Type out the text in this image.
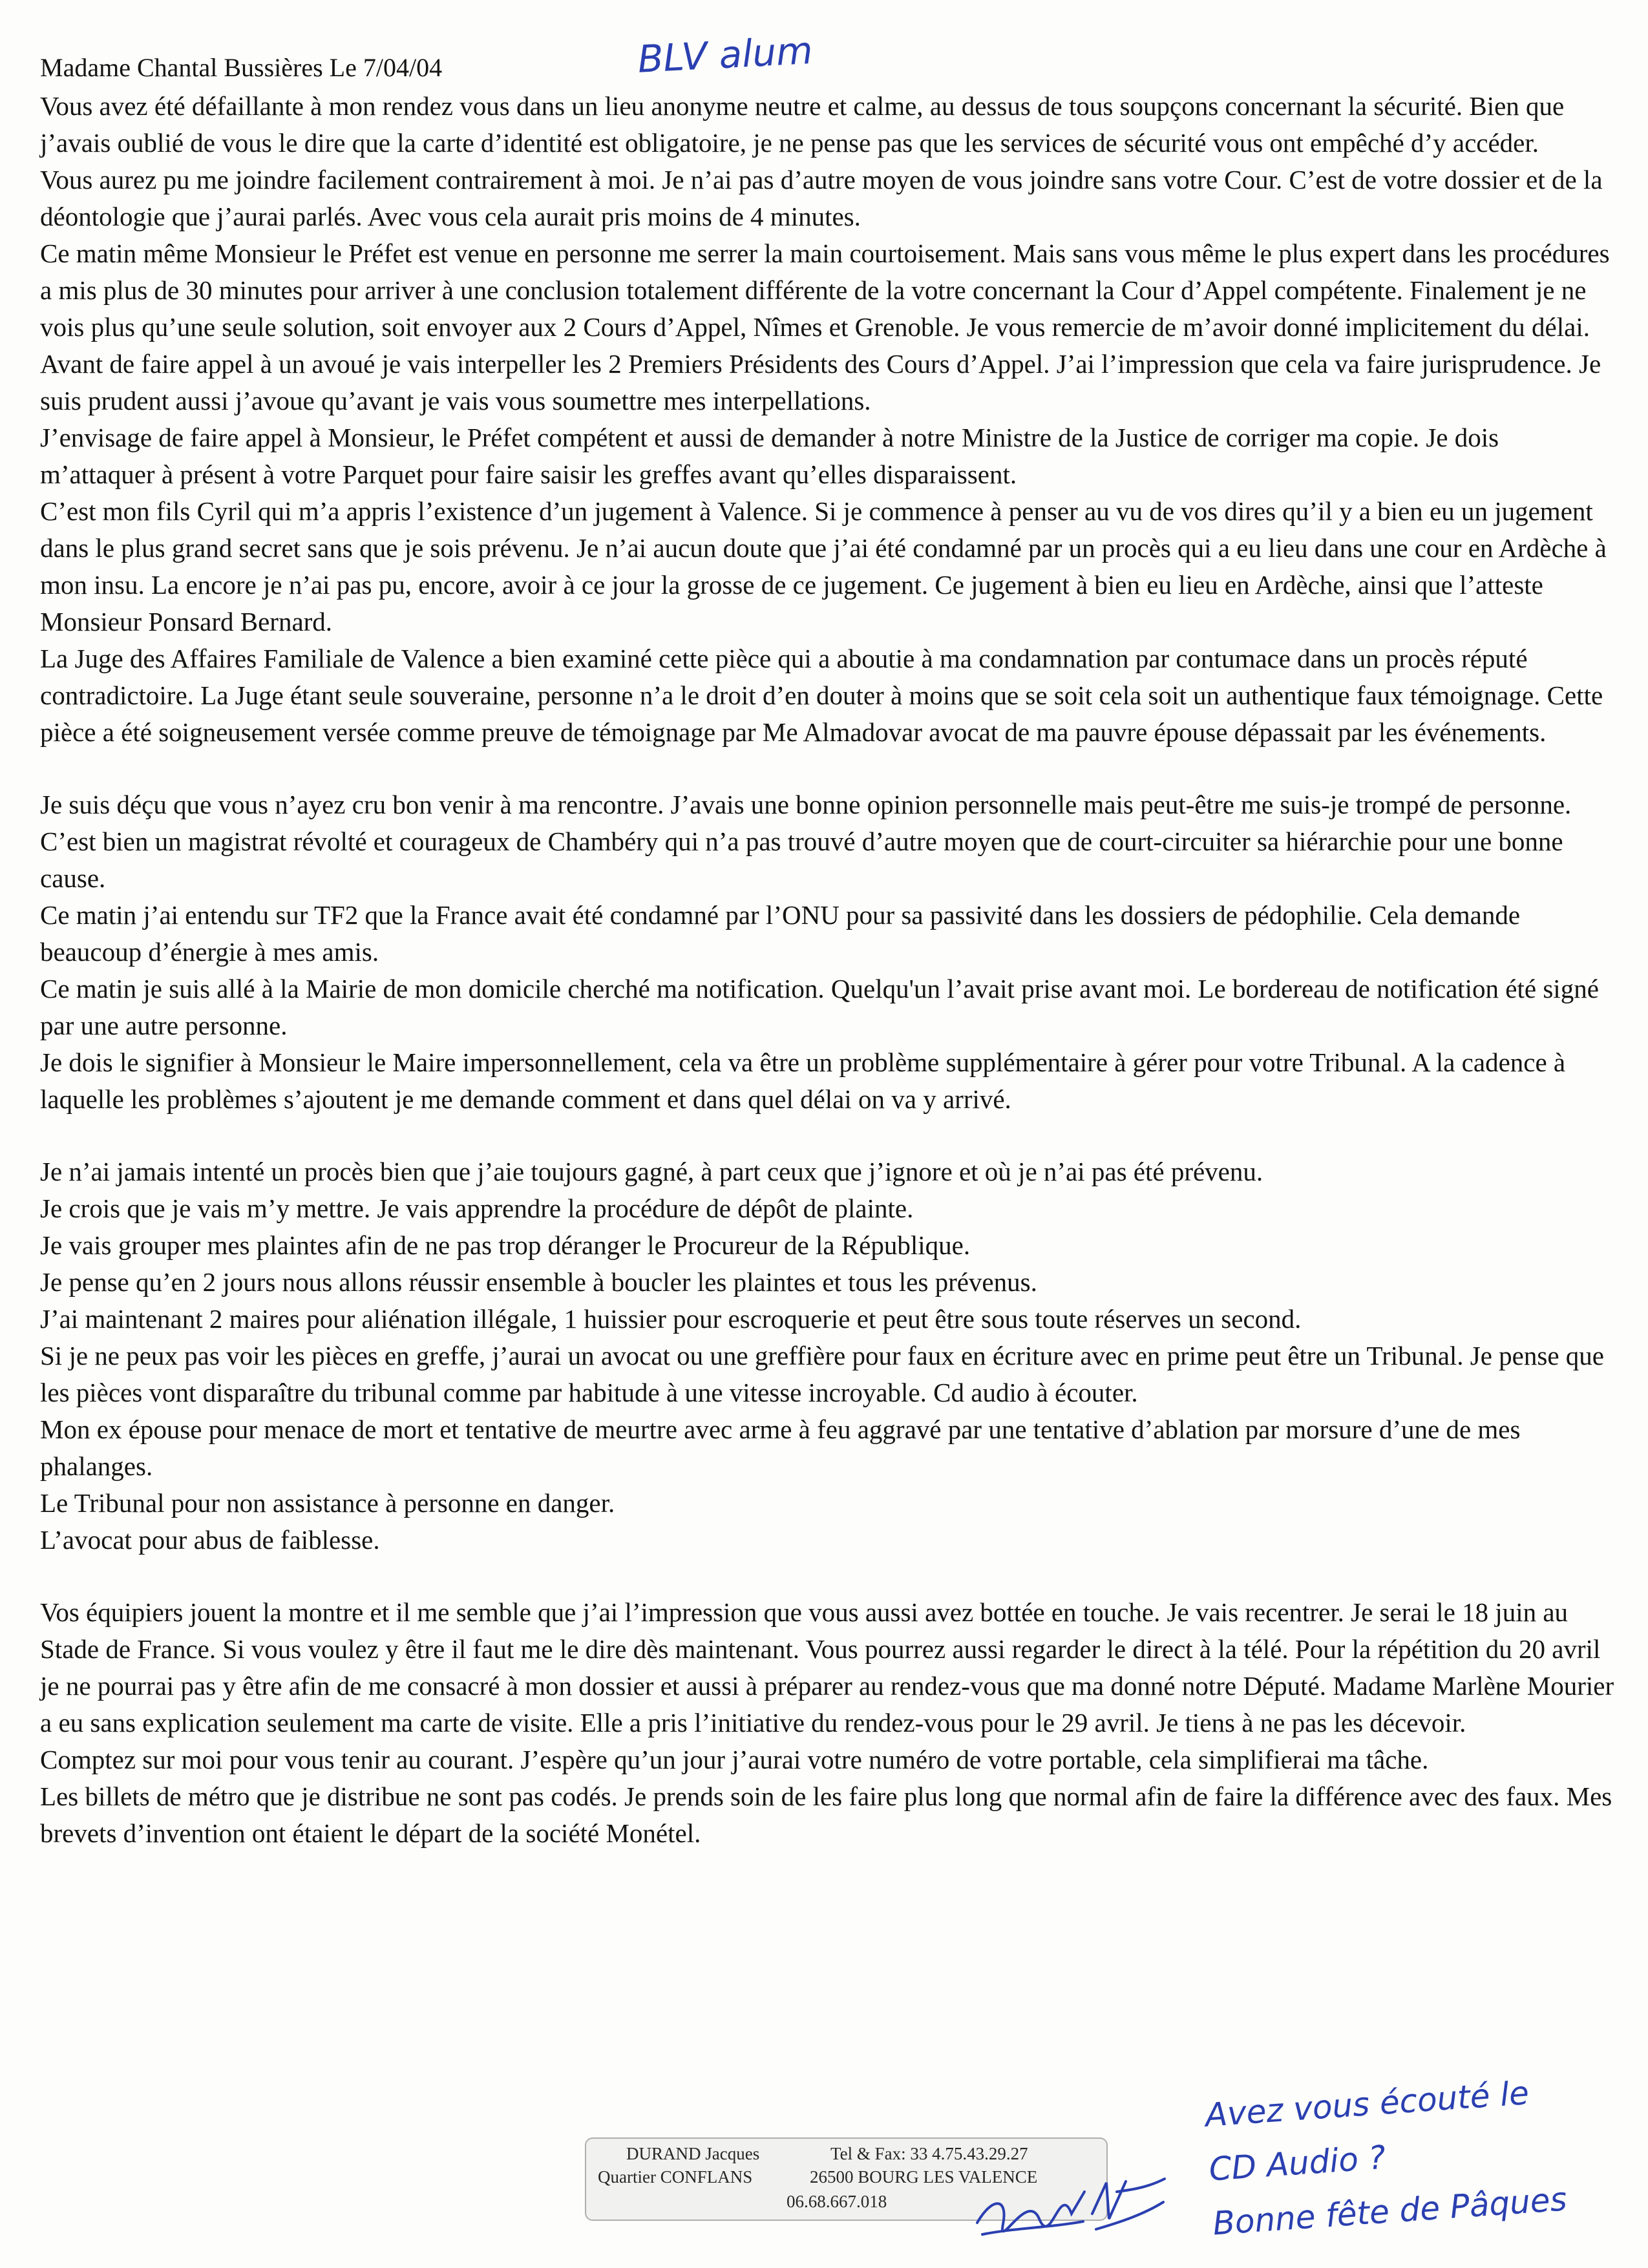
Madame Chantal Bussières Le 7/04/04	BLV alum

Vous avez été défaillante à mon rendez vous dans un lieu anonyme neutre et calme, au dessus de tous soupçons concernant la sécurité. Bien que j’avais oublié de vous le dire que la carte d’identité est obligatoire, je ne pense pas que les services de sécurité vous ont empêché d’y accéder.

Vous aurez pu me joindre facilement contrairement à moi. Je n’ai pas d’autre moyen de vous joindre sans votre Cour. C’est de votre dossier et de la déontologie que j’aurai parlés. Avec vous cela aurait pris moins de 4 minutes.

Ce matin même Monsieur le Préfet est venue en personne me serrer la main courtoisement. Mais sans vous même le plus expert dans les procédures a mis plus de 30 minutes pour arriver à une conclusion totalement différente de la votre concernant la Cour d’Appel compétente. Finalement je ne vois plus qu’une seule solution, soit envoyer aux 2 Cours d’Appel, Nîmes et Grenoble. Je vous remercie de m’avoir donné implicitement du délai.

Avant de faire appel à un avoué je vais interpeller les 2 Premiers Présidents des Cours d’Appel. J’ai l’impression que cela va faire jurisprudence. Je suis prudent aussi j’avoue qu’avant je vais vous soumettre mes interpellations.

J’envisage de faire appel à Monsieur, le Préfet compétent et aussi de demander à notre Ministre de la Justice de corriger ma copie. Je dois m’attaquer à présent à votre Parquet pour faire saisir les greffes avant qu’elles disparaissent.

C’est mon fils Cyril qui m’a appris l’existence d’un jugement à Valence. Si je commence à penser au vu de vos dires qu’il y a bien eu un jugement dans le plus grand secret sans que je sois prévenu. Je n’ai aucun doute que j’ai été condamné par un procès qui a eu lieu dans une cour en Ardèche à mon insu. La encore je n’ai pas pu, encore, avoir à ce jour la grosse de ce jugement. Ce jugement à bien eu lieu en Ardèche, ainsi que l’atteste Monsieur Ponsard Bernard.

La Juge des Affaires Familiale de Valence a bien examiné cette pièce qui a aboutie à ma condamnation par contumace dans un procès réputé contradictoire. La Juge étant seule souveraine, personne n’a le droit d’en douter à moins que se soit cela soit un authentique faux témoignage. Cette pièce a été soigneusement versée comme preuve de témoignage par Me Almadovar avocat de ma pauvre épouse dépassait par les événements.

Je suis déçu que vous n’ayez cru bon venir à ma rencontre. J’avais une bonne opinion personnelle mais peut-être me suis-je trompé de personne. C’est bien un magistrat révolté et courageux de Chambéry qui n’a pas trouvé d’autre moyen que de court-circuiter sa hiérarchie pour une bonne cause.

Ce matin j’ai entendu sur TF2 que la France avait été condamné par l’ONU pour sa passivité dans les dossiers de pédophilie. Cela demande beaucoup d’énergie à mes amis.

Ce matin je suis allé à la Mairie de mon domicile cherché ma notification. Quelqu'un l’avait prise avant moi. Le bordereau de notification été signé par une autre personne.

Je dois le signifier à Monsieur le Maire impersonnellement, cela va être un problème supplémentaire à gérer pour votre Tribunal. A la cadence à laquelle les problèmes s’ajoutent je me demande comment et dans quel délai on va y arrivé.

Je n’ai jamais intenté un procès bien que j’aie toujours gagné, à part ceux que j’ignore et où je n’ai pas été prévenu.

Je crois que je vais m’y mettre. Je vais apprendre la procédure de dépôt de plainte.

Je vais grouper mes plaintes afin de ne pas trop déranger le Procureur de la République.

Je pense qu’en 2 jours nous allons réussir ensemble à boucler les plaintes et tous les prévenus.

J’ai maintenant 2 maires pour aliénation illégale, 1 huissier pour escroquerie et peut être sous toute réserves un second.

Si je ne peux pas voir les pièces en greffe, j’aurai un avocat ou une greffière pour faux en écriture avec en prime peut être un Tribunal. Je pense que les pièces vont disparaître du tribunal comme par habitude à une vitesse incroyable. Cd audio à écouter.

Mon ex épouse pour menace de mort et tentative de meurtre avec arme à feu aggravé par une tentative d’ablation par morsure d’une de mes phalanges.

Le Tribunal pour non assistance à personne en danger.

L’avocat pour abus de faiblesse.

Vos équipiers jouent la montre et il me semble que j’ai l’impression que vous aussi avez bottée en touche. Je vais recentrer. Je serai le 18 juin au Stade de France. Si vous voulez y être il faut me le dire dès maintenant. Vous pourrez aussi regarder le direct à la télé. Pour la répétition du 20 avril je ne pourrai pas y être afin de me consacré à mon dossier et aussi à préparer au rendez-vous que ma donné notre Député. Madame Marlène Mourier a eu sans explication seulement ma carte de visite. Elle a pris l’initiative du rendez-vous pour le 29 avril. Je tiens à ne pas les décevoir.

Comptez sur moi pour vous tenir au courant. J’espère qu’un jour j’aurai votre numéro de votre portable, cela simplifierai ma tâche.

Les billets de métro que je distribue ne sont pas codés. Je prends soin de les faire plus long que normal afin de faire la différence avec des faux. Mes brevets d’invention ont étaient le départ de la société Monétel.

DURAND Jacques	Tel & Fax: 33 4.75.43.29.27
Quartier CONFLANS	26500 BOURG LES VALENCE
06.68.667.018
Avez vous écouté le
CD Audio ?
Bonne fête de Pâques
